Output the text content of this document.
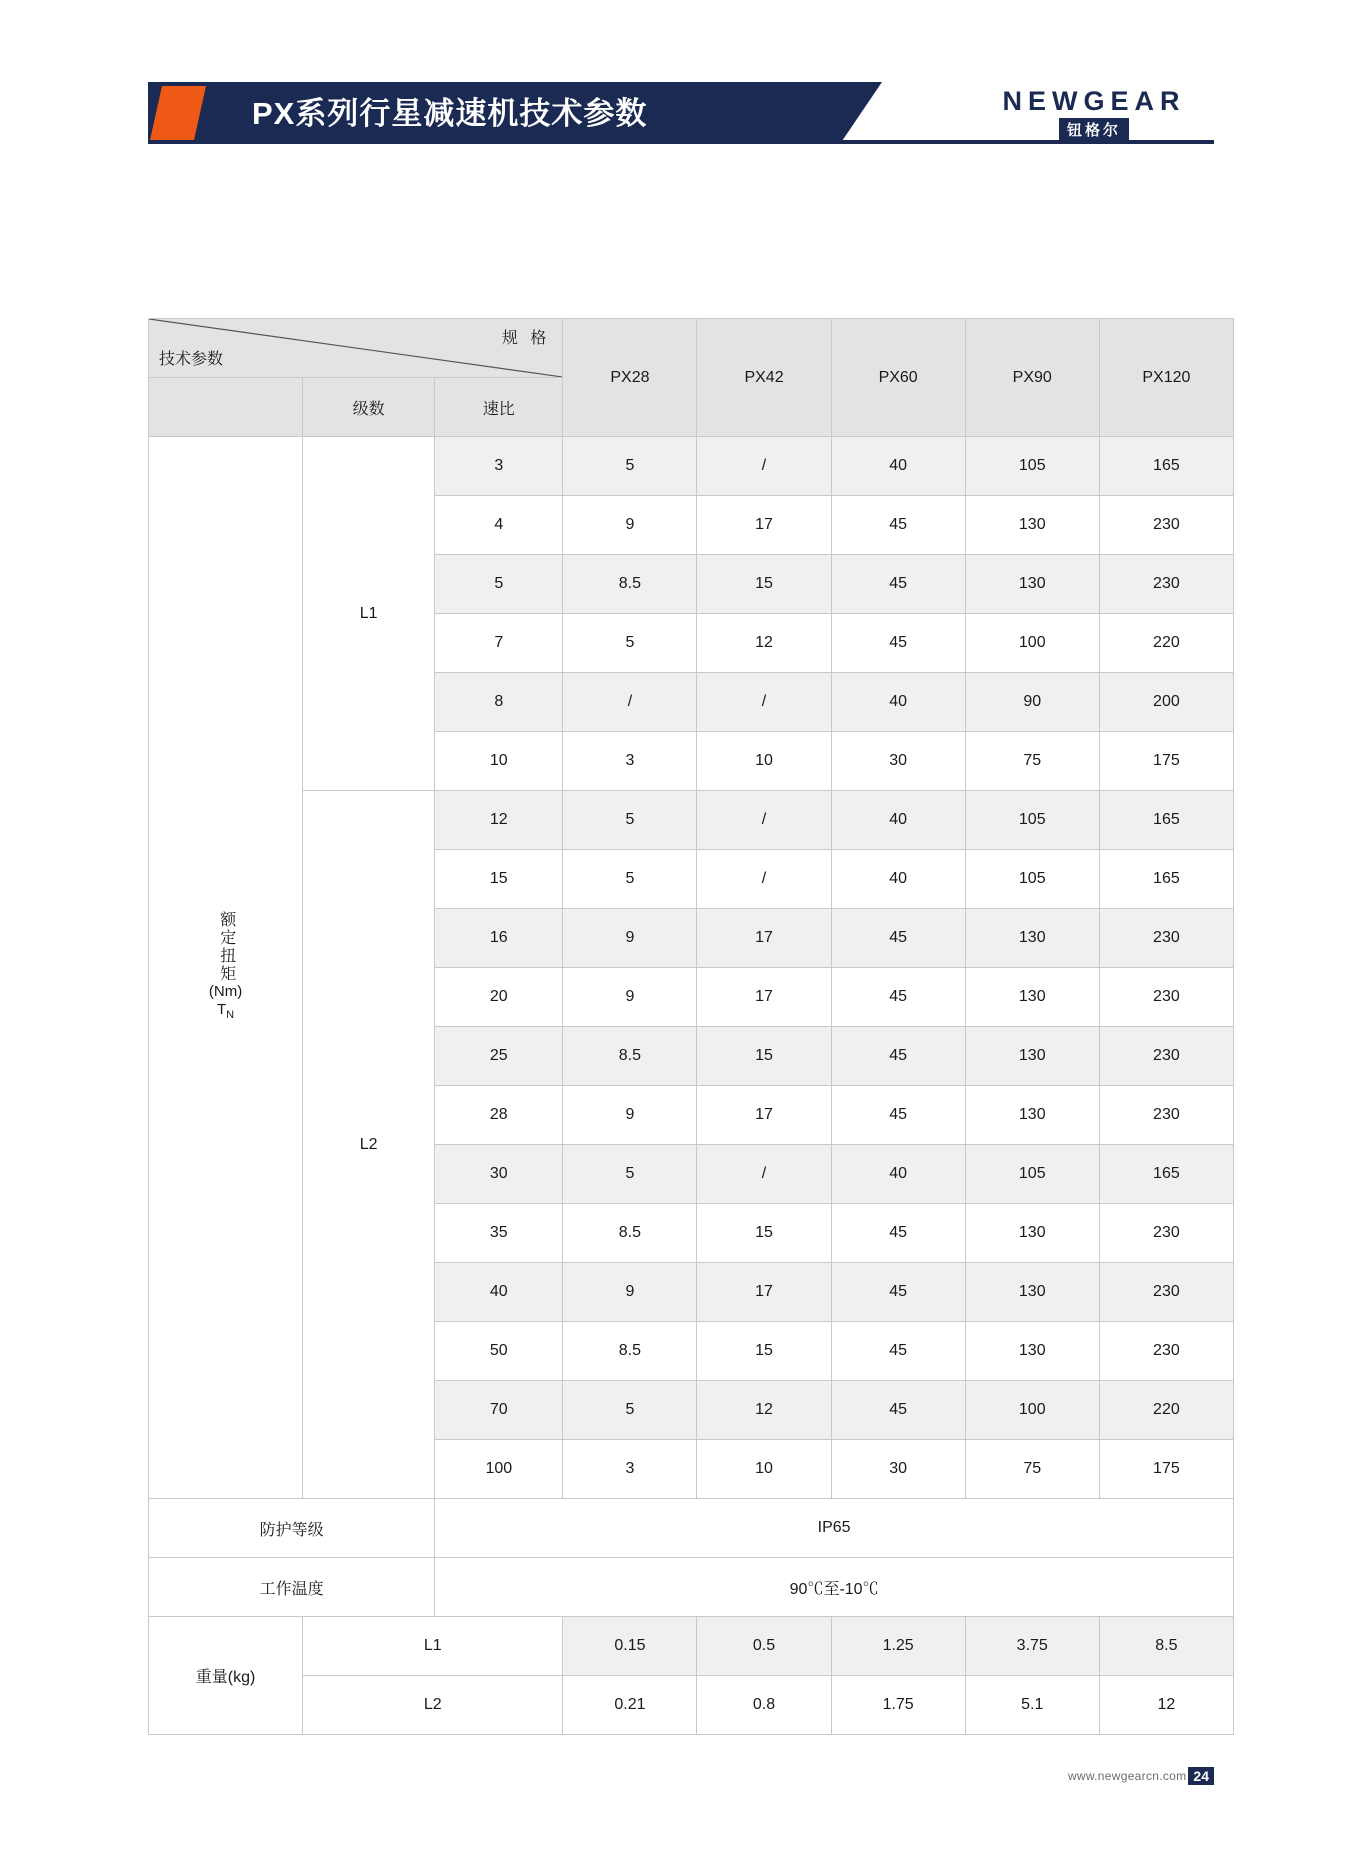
PX系列行星减速机技术参数	NEWGEAR
钮格尔
技术参数
规 格			PX28	PX42	PX60	PX90	PX120
	级数	速比					

额定扭矩
(Nm)
$T_N$	L1	3	5	/	40	105	165
		4	9	17	45	130	230
		5	8.5	15	45	130	230
		7	5	12	45	100	220
		8	/	/	40	90	200
		10	3	10	30	75	175
	L2	12	5	/	40	105	165
		15	5	/	40	105	165
		16	9	17	45	130	230
		20	9	17	45	130	230
		25	8.5	15	45	130	230
		28	9	17	45	130	230
		30	5	/	40	105	165
		35	8.5	15	45	130	230
		40	9	17	45	130	230
		50	8.5	15	45	130	230
		70	5	12	45	100	220
		100	3	10	30	75	175
防护等级		IP65					
工作温度		90℃至-10℃					
重量(kg)	L1		0.15	0.5	1.25	3.75	8.5
	L2		0.21	0.8	1.75	5.1	12
www.newgearcn.com 24
